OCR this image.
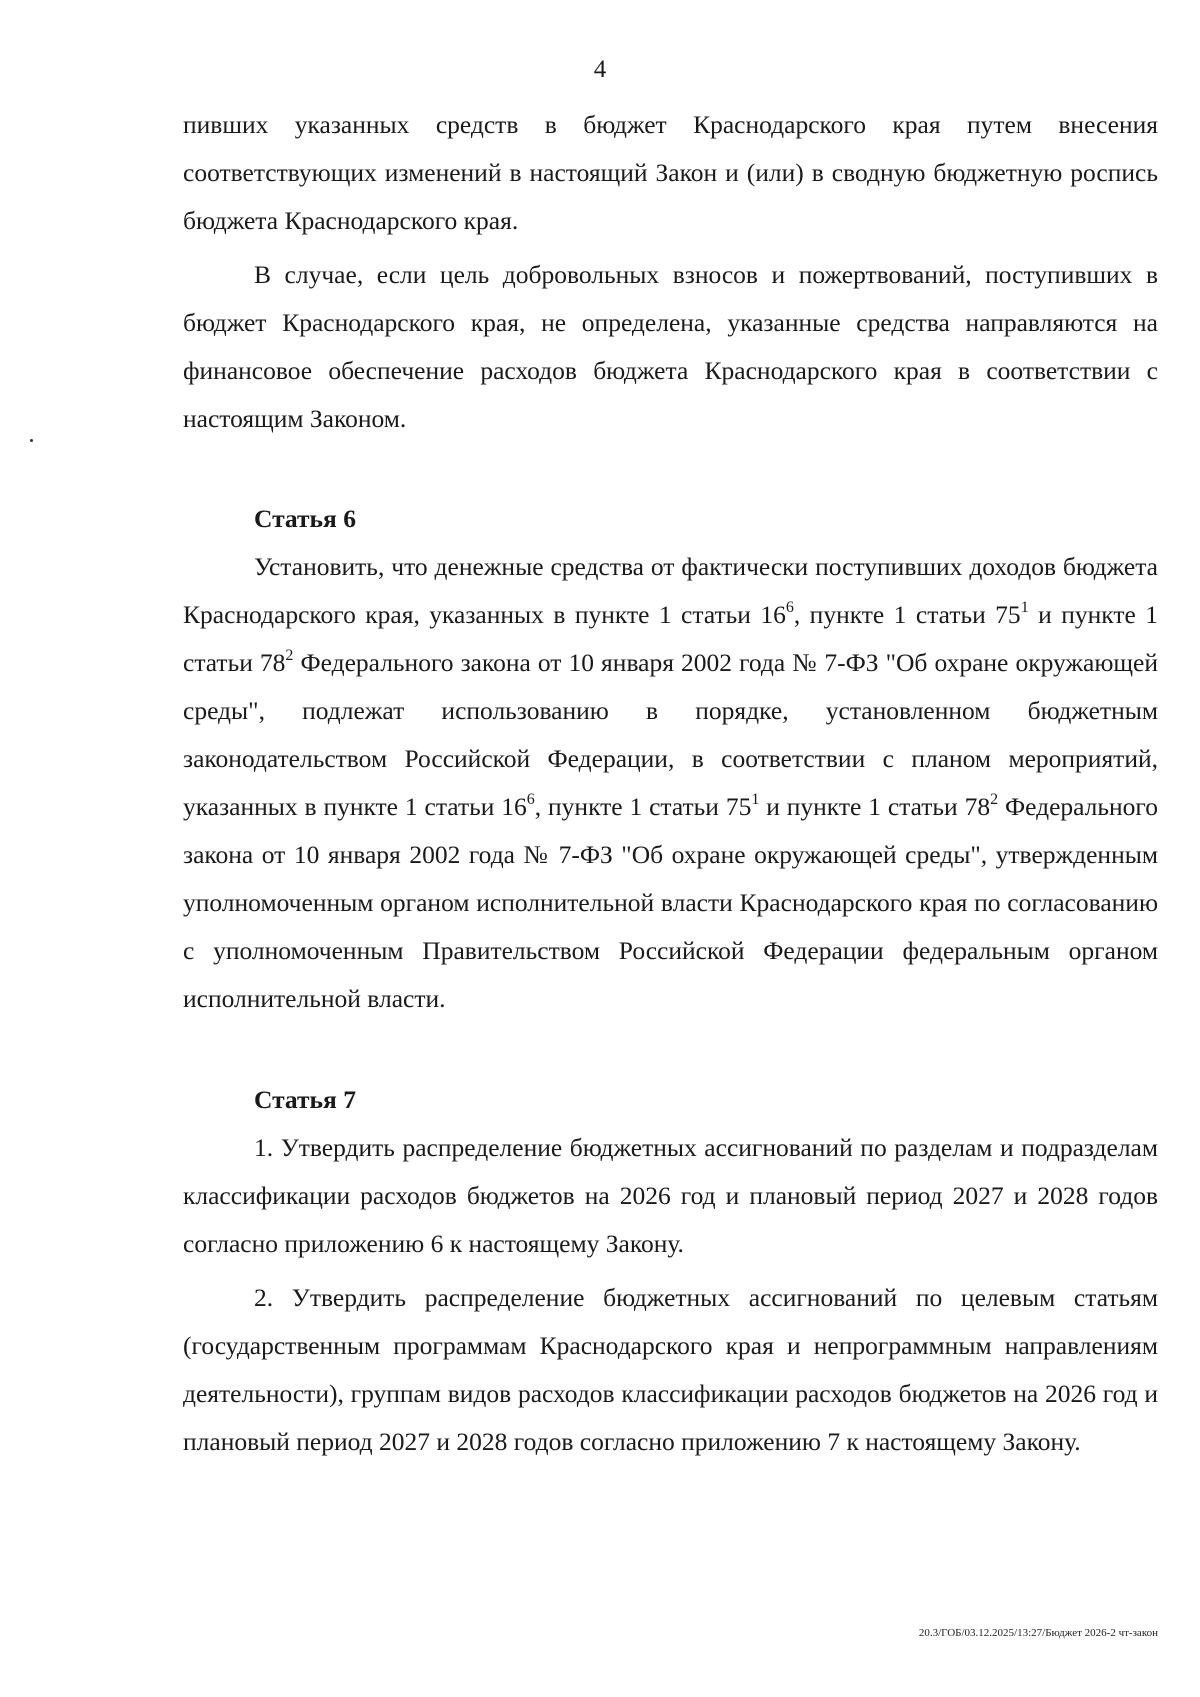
4

пивших указанных средств в бюджет Краснодарского края путем внесения соответствующих изменений в настоящий Закон и (или) в сводную бюджетную роспись бюджета Краснодарского края.

В случае, если цель добровольных взносов и пожертвований, поступивших в бюджет Краснодарского края, не определена, указанные средства направляются на финансовое обеспечение расходов бюджета Краснодарского края в соответствии с настоящим Законом.

Статья 6

Установить, что денежные средства от фактически поступивших доходов бюджета Краснодарского края, указанных в пункте 1 статьи $16^6$, пункте 1 статьи $75^1$ и пункте 1 статьи $78^2$ Федерального закона от 10 января 2002 года № 7-ФЗ "Об охране окружающей среды", подлежат использованию в порядке, установленном бюджетным законодательством Российской Федерации, в соответствии с планом мероприятий, указанных в пункте 1 статьи $16^6$, пункте 1 статьи $75^1$ и пункте 1 статьи $78^2$ Федерального закона от 10 января 2002 года № 7-ФЗ "Об охране окружающей среды", утвержденным уполномоченным органом исполнительной власти Краснодарского края по согласованию с уполномоченным Правительством Российской Федерации федеральным органом исполнительной власти.

Статья 7

1. Утвердить распределение бюджетных ассигнований по разделам и подразделам классификации расходов бюджетов на 2026 год и плановый период 2027 и 2028 годов согласно приложению 6 к настоящему Закону.

2. Утвердить распределение бюджетных ассигнований по целевым статьям (государственным программам Краснодарского края и непрограммным направлениям деятельности), группам видов расходов классификации расходов бюджетов на 2026 год и плановый период 2027 и 2028 годов согласно приложению 7 к настоящему Закону.

20.3/ГОБ/03.12.2025/13:27/Бюджет 2026-2 чт-закон
